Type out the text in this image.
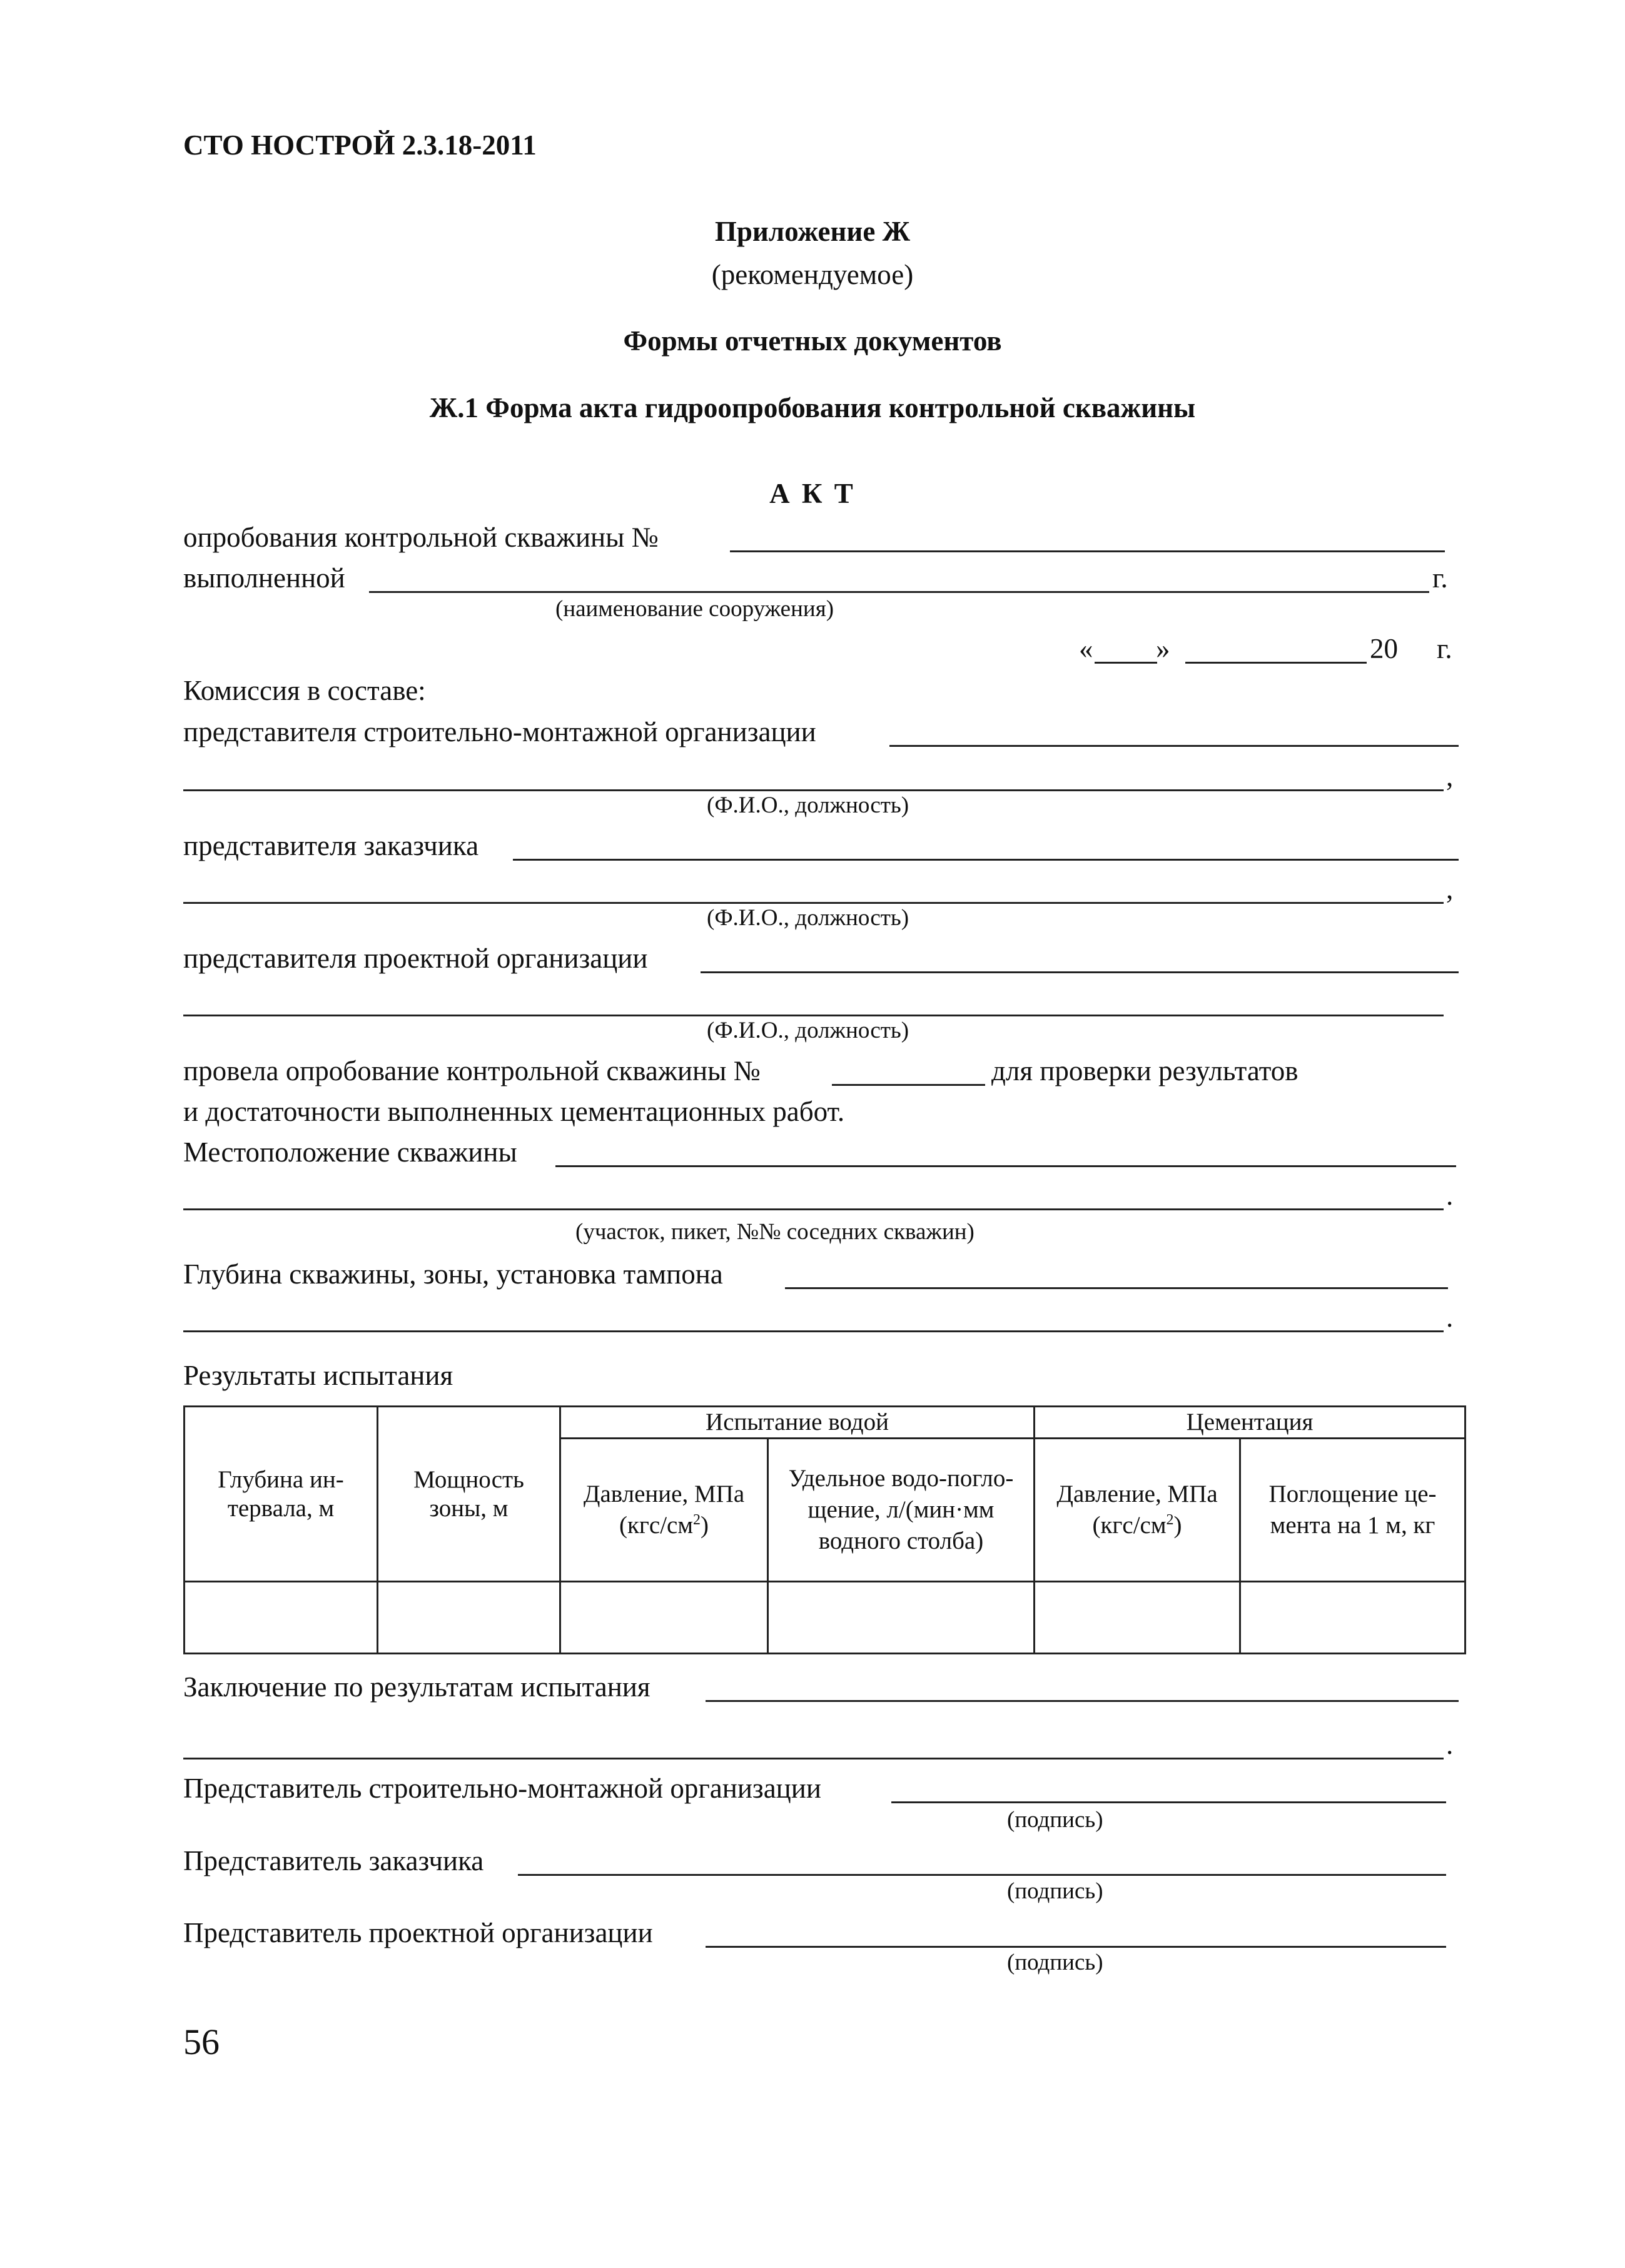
СТО НОСТРОЙ 2.3.18-2011
Приложение Ж
(рекомендуемое)
Формы отчетных документов
Ж.1 Форма акта гидроопробования контрольной скважины
А К Т
опробования контрольной скважины №
выполненной	г.
(наименование сооружения)
« »	20 г.
Комиссия в составе:
представителя строительно-монтажной организации
,
(Ф.И.О., должность)
представителя заказчика
,
(Ф.И.О., должность)
представителя проектной организации
(Ф.И.О., должность)
провела опробование контрольной скважины №	для проверки результатов
и достаточности выполненных цементационных работ.
Местоположение скважины
.
(участок, пикет, №№ соседних скважин)
Глубина скважины, зоны, установка тампона
.
Результаты испытания
Глубина ин-тервала, м	Мощность зоны, м	Испытание водой		Цементация	
		Давление, МПа $(кгс/см^2)$	Удельное водо-погло-щение, л/(мин·мм водного столба)	Давление, МПа $(кгс/см^2)$	Поглощение це-мента на 1 м, кг

Заключение по результатам испытания
.
Представитель строительно-монтажной организации
(подпись)
Представитель заказчика
(подпись)
Представитель проектной организации
(подпись)
56
